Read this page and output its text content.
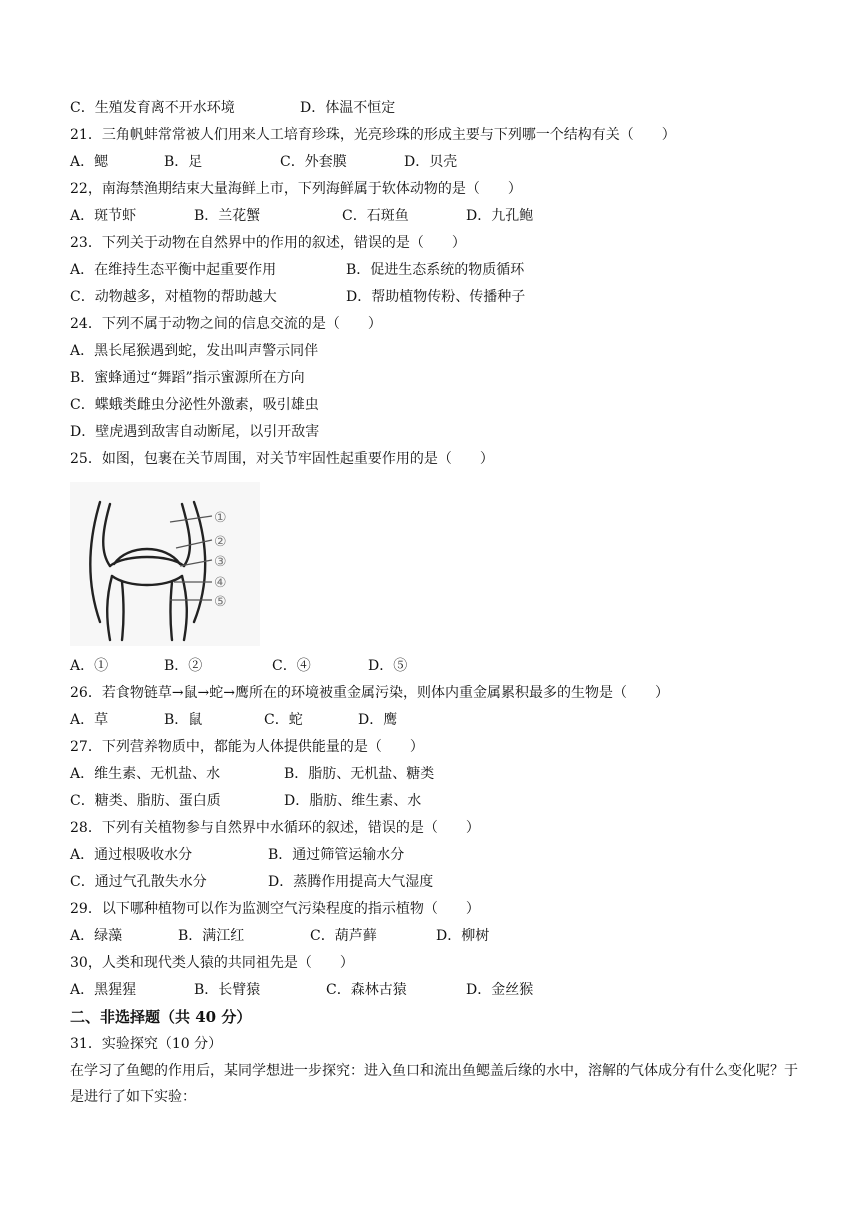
C．生殖发育离不开水环境	D．体温不恒定
21．三角帆蚌常常被人们用来人工培育珍珠，光亮珍珠的形成主要与下列哪一个结构有关（　　）
A．鳃	B．足	C．外套膜	D．贝壳
22，南海禁渔期结束大量海鲜上市，下列海鲜属于软体动物的是（　　）
A．斑节虾	B．兰花蟹	C．石斑鱼	D．九孔鲍
23．下列关于动物在自然界中的作用的叙述，错误的是（　　）
A．在维持生态平衡中起重要作用	B．促进生态系统的物质循环
C．动物越多，对植物的帮助越大	D．帮助植物传粉、传播种子
24．下列不属于动物之间的信息交流的是（　　）
A．黑长尾猴遇到蛇，发出叫声警示同伴
B．蜜蜂通过“舞蹈”指示蜜源所在方向
C．蝶蛾类雌虫分泌性外激素，吸引雄虫
D．壁虎遇到敌害自动断尾，以引开敌害
25．如图，包裹在关节周围，对关节牢固性起重要作用的是（　　）
①
②
③
④
⑤
A．①	B．②	C．④	D．⑤
26．若食物链草→鼠→蛇→鹰所在的环境被重金属污染，则体内重金属累积最多的生物是（　　）
A．草	B．鼠	C．蛇	D．鹰
27．下列营养物质中，都能为人体提供能量的是（　　）
A．维生素、无机盐、水	B．脂肪、无机盐、糖类
C．糖类、脂肪、蛋白质	D．脂肪、维生素、水
28．下列有关植物参与自然界中水循环的叙述，错误的是（　　）
A．通过根吸收水分	B．通过筛管运输水分
C．通过气孔散失水分	D．蒸腾作用提高大气湿度
29．以下哪种植物可以作为监测空气污染程度的指示植物（　　）
A．绿藻	B．满江红	C．葫芦藓	D．柳树
30，人类和现代类人猿的共同祖先是（　　）
A．黑猩猩	B．长臂猿	C．森林古猿	D．金丝猴
二、非选择题（共 40 分）
31．实验探究（10 分）
在学习了鱼鳃的作用后，某同学想进一步探究：进入鱼口和流出鱼鳃盖后缘的水中，溶解的气体成分有什么变化呢？于是进行了如下实验：
